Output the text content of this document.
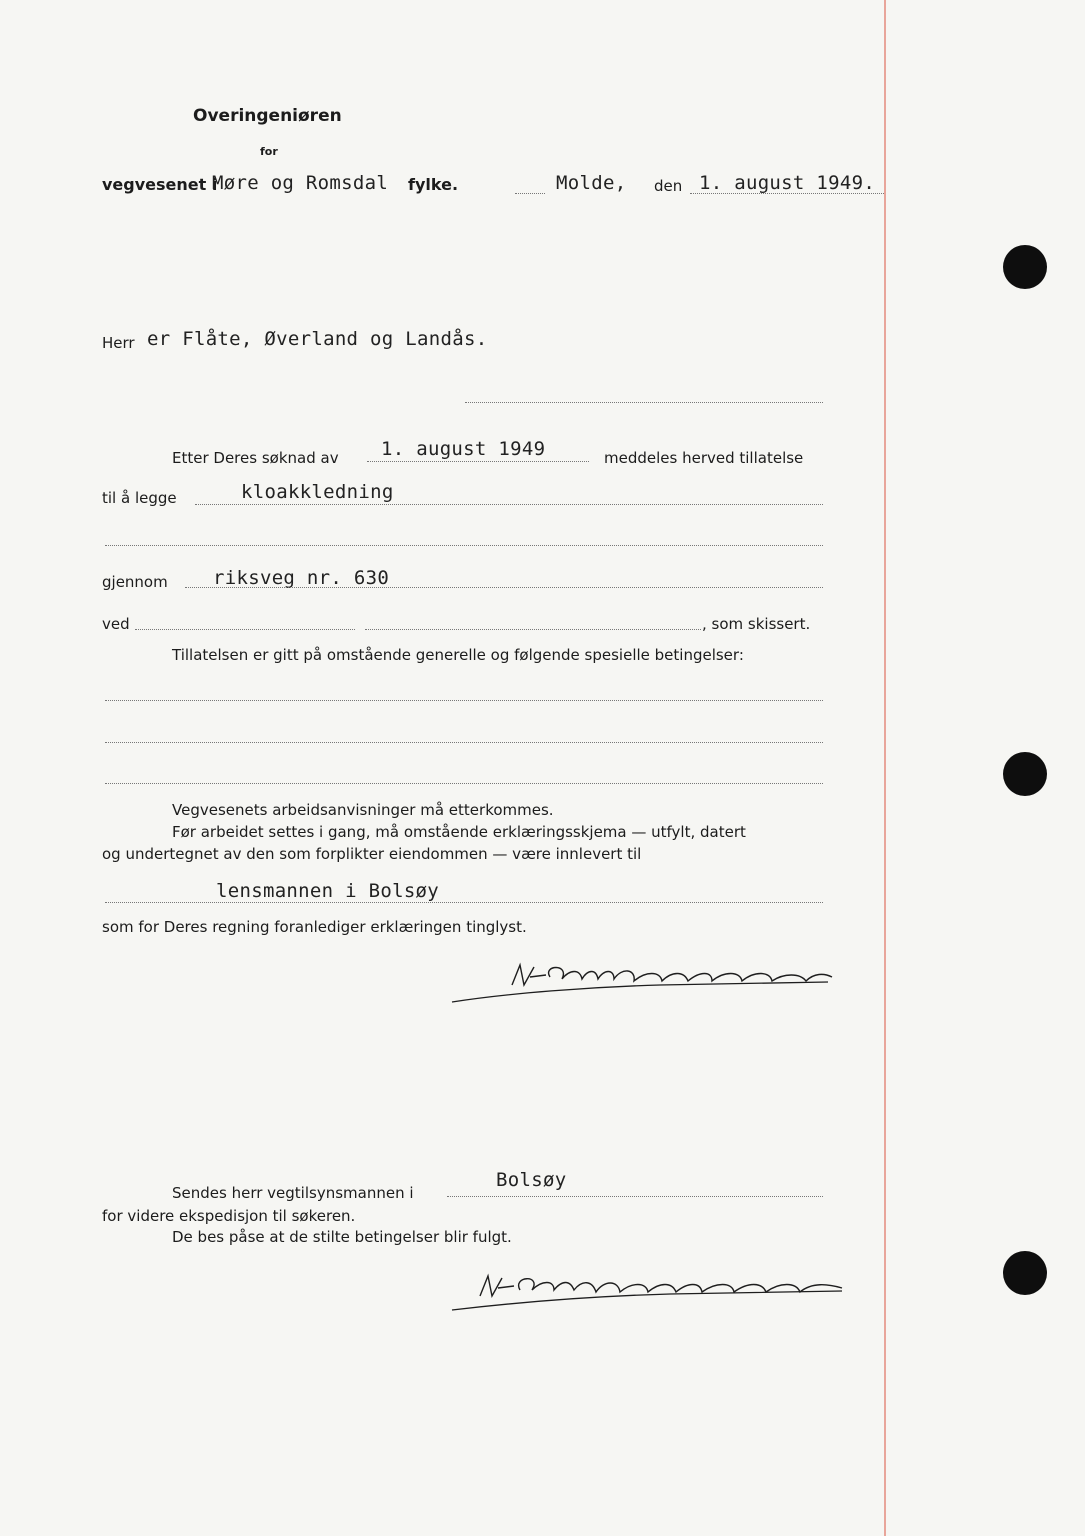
Overingeniøren
for
vegvesenet i
Møre og Romsdal fylke.	Molde, den 1. august 1949.
Herr er Flåte, Øverland og Landås.
Etter Deres søknad av 1. august 1949	meddeles herved tillatelse
til å legge	kloakkledning
gjennom riksveg nr. 630
ved	, som skissert.
Tillatelsen er gitt på omstående generelle og følgende spesielle betingelser:
Vegvesenets arbeidsanvisninger må etterkommes.
Før arbeidet settes i gang, må omstående erklæringsskjema — utfylt, datert
og undertegnet av den som forplikter eiendommen — være innlevert til
lensmannen i Bolsøy
som for Deres regning foranlediger erklæringen tinglyst.
Sendes herr vegtilsynsmannen i
Bolsøy
for videre ekspedisjon til søkeren.
De bes påse at de stilte betingelser blir fulgt.
